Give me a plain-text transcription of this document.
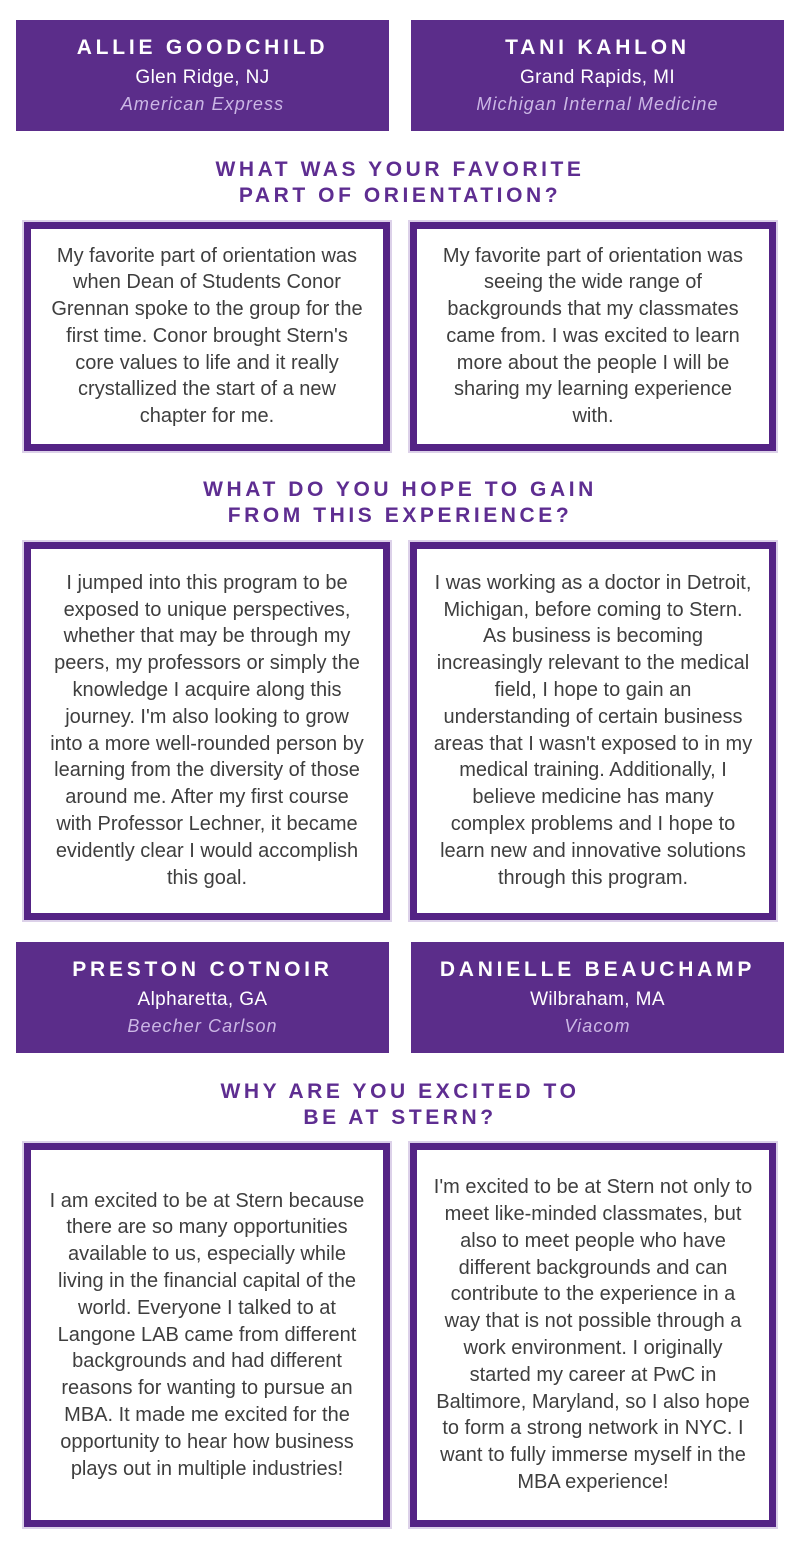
ALLIE GOODCHILD
Glen Ridge, NJ
American Express
TANI KAHLON
Grand Rapids, MI
Michigan Internal Medicine
WHAT WAS YOUR FAVORITE
PART OF ORIENTATION?

My favorite part of orientation was when Dean of Students Conor Grennan spoke to the group for the first time. Conor brought Stern's core values to life and it really crystallized the start of a new chapter for me.

My favorite part of orientation was seeing the wide range of backgrounds that my classmates came from. I was excited to learn more about the people I will be sharing my learning experience with.

WHAT DO YOU HOPE TO GAIN
FROM THIS EXPERIENCE?

I jumped into this program to be exposed to unique perspectives, whether that may be through my peers, my professors or simply the knowledge I acquire along this journey. I'm also looking to grow into a more well-rounded person by learning from the diversity of those around me. After my first course with Professor Lechner, it became evidently clear I would accomplish this goal.

I was working as a doctor in Detroit, Michigan, before coming to Stern. As business is becoming increasingly relevant to the medical field, I hope to gain an understanding of certain business areas that I wasn't exposed to in my medical training. Additionally, I believe medicine has many complex problems and I hope to learn new and innovative solutions through this program.

PRESTON COTNOIR
Alpharetta, GA
Beecher Carlson
DANIELLE BEAUCHAMP
Wilbraham, MA
Viacom
WHY ARE YOU EXCITED TO
BE AT STERN?

I am excited to be at Stern because there are so many opportunities available to us, especially while living in the financial capital of the world. Everyone I talked to at Langone LAB came from different backgrounds and had different reasons for wanting to pursue an MBA. It made me excited for the opportunity to hear how business plays out in multiple industries!

I'm excited to be at Stern not only to meet like-minded classmates, but also to meet people who have different backgrounds and can contribute to the experience in a way that is not possible through a work environment. I originally started my career at PwC in Baltimore, Maryland, so I also hope to form a strong network in NYC. I want to fully immerse myself in the MBA experience!
